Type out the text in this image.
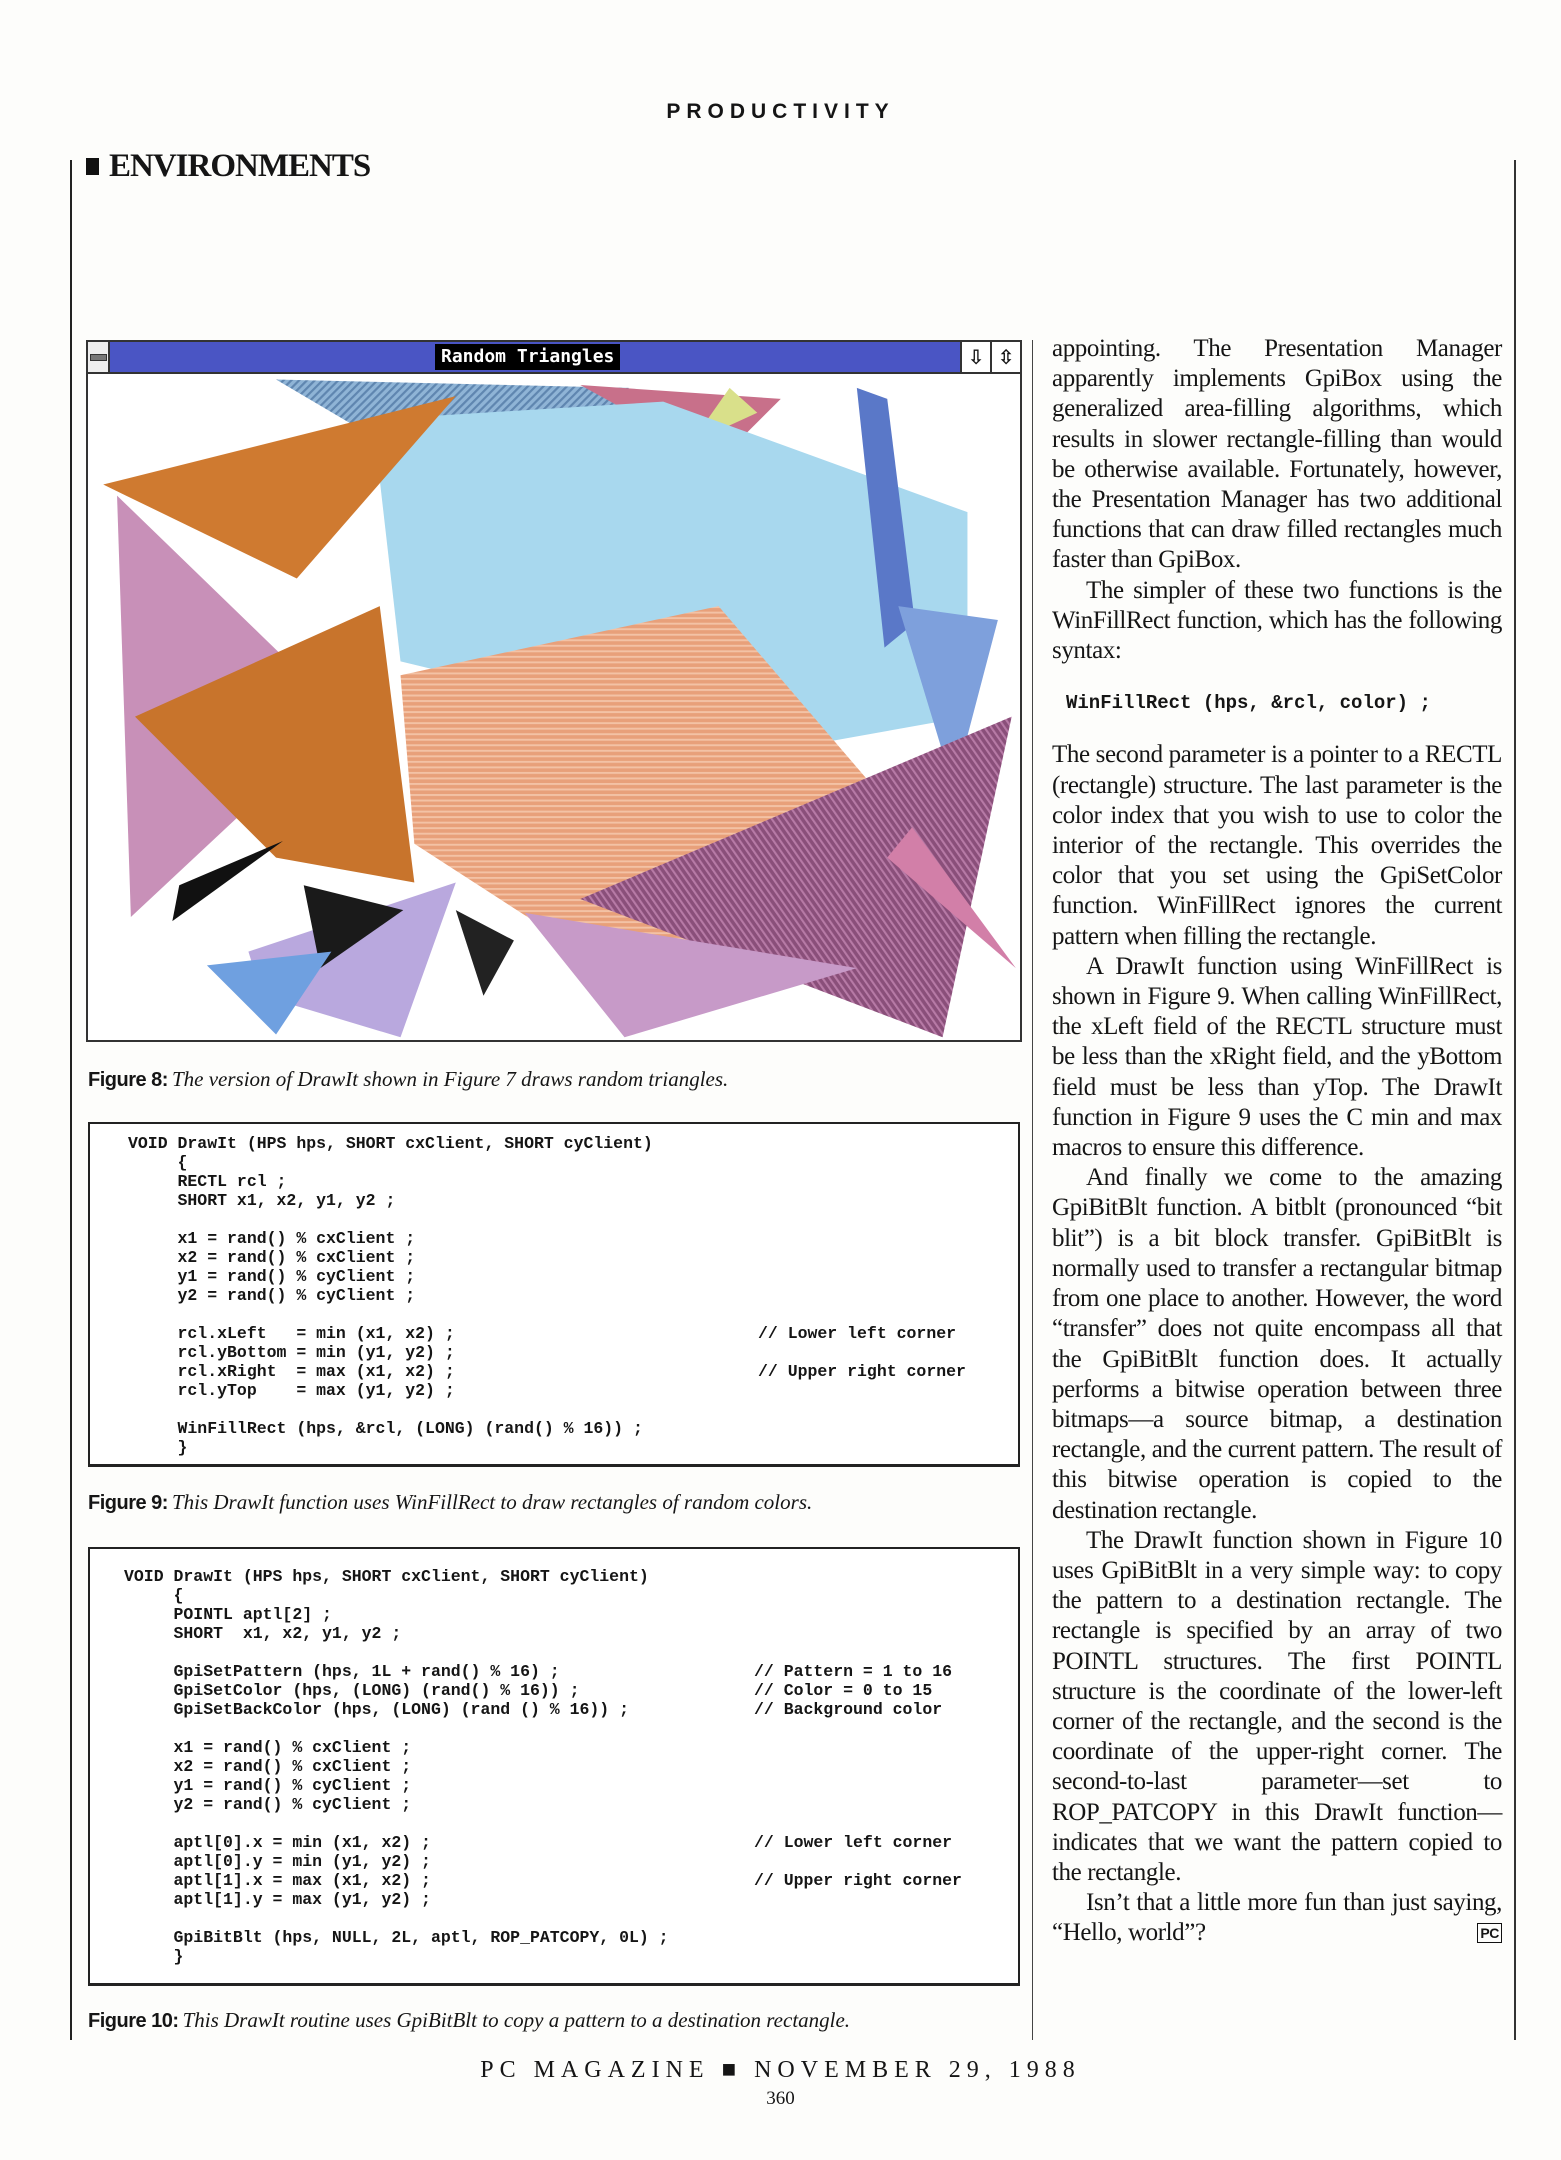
PRODUCTIVITY
ENVIRONMENTS
Random Triangles	⇩ ⇳
Figure 8: The version of DrawIt shown in Figure 7 draws random triangles.
VOID DrawIt (HPS hps, SHORT cxClient, SHORT cyClient)
{
RECTL rcl ;
SHORT x1, x2, y1, y2 ;
x1 = rand() % cxClient ;
x2 = rand() % cxClient ;
y1 = rand() % cyClient ;
y2 = rand() % cyClient ;
rcl.xLeft   = min (x1, x2) ;	// Lower left corner
rcl.yBottom = min (y1, y2) ;
rcl.xRight  = max (x1, x2) ;	// Upper right corner
rcl.yTop    = max (y1, y2) ;
WinFillRect (hps, &rcl, (LONG) (rand() % 16)) ;
}
Figure 9: This DrawIt function uses WinFillRect to draw rectangles of random colors.
VOID DrawIt (HPS hps, SHORT cxClient, SHORT cyClient)
{
POINTL aptl[2] ;
SHORT  x1, x2, y1, y2 ;
GpiSetPattern (hps, 1L + rand() % 16) ;	// Pattern = 1 to 16
GpiSetColor (hps, (LONG) (rand() % 16)) ;	// Color = 0 to 15
GpiSetBackColor (hps, (LONG) (rand () % 16)) ;	// Background color
x1 = rand() % cxClient ;
x2 = rand() % cxClient ;
y1 = rand() % cyClient ;
y2 = rand() % cyClient ;
aptl[0].x = min (x1, x2) ;	// Lower left corner
aptl[0].y = min (y1, y2) ;
aptl[1].x = max (x1, x2) ;	// Upper right corner
aptl[1].y = max (y1, y2) ;
GpiBitBlt (hps, NULL, 2L, aptl, ROP_PATCOPY, 0L) ;
}
Figure 10: This DrawIt routine uses GpiBitBlt to copy a pattern to a destination rectangle.

appointing. The Presentation Manager apparently implements GpiBox using the generalized area-filling algorithms, which results in slower rectangle-filling than would be otherwise available. Fortunately, however, the Presentation Manager has two additional functions that can draw filled rectangles much faster than GpiBox.

The simpler of these two functions is the WinFillRect function, which has the following syntax:

WinFillRect (hps, &rcl, color) ;

The second parameter is a pointer to a RECTL (rectangle) structure. The last parameter is the color index that you wish to use to color the interior of the rectangle. This overrides the color that you set using the GpiSetColor function. WinFillRect ignores the current pattern when filling the rectangle.

A DrawIt function using WinFillRect is shown in Figure 9. When calling WinFillRect, the xLeft field of the RECTL structure must be less than the xRight field, and the yBottom field must be less than yTop. The DrawIt function in Figure 9 uses the C min and max macros to ensure this difference.

And finally we come to the amazing GpiBitBlt function. A bitblt (pronounced “bit blit”) is a bit block transfer. GpiBitBlt is normally used to transfer a rectangular bitmap from one place to another. However, the word “transfer” does not quite encompass all that the GpiBitBlt function does. It actually performs a bitwise operation between three bitmaps—a source bitmap, a destination rectangle, and the current pattern. The result of this bitwise operation is copied to the destination rectangle.

The DrawIt function shown in Figure 10 uses GpiBitBlt in a very simple way: to copy the pattern to a destination rectangle. The rectangle is specified by an array of two POINTL structures. The first POINTL structure is the coordinate of the lower-left corner of the rectangle, and the second is the coordinate of the upper-right corner. The second-to-last parameter—set to ROP_PATCOPY in this DrawIt function—indicates that we want the pattern copied to the rectangle.

Isn’t that a little more fun than just saying, “Hello, world”?	PC

PC MAGAZINE ■ NOVEMBER 29, 1988
360
